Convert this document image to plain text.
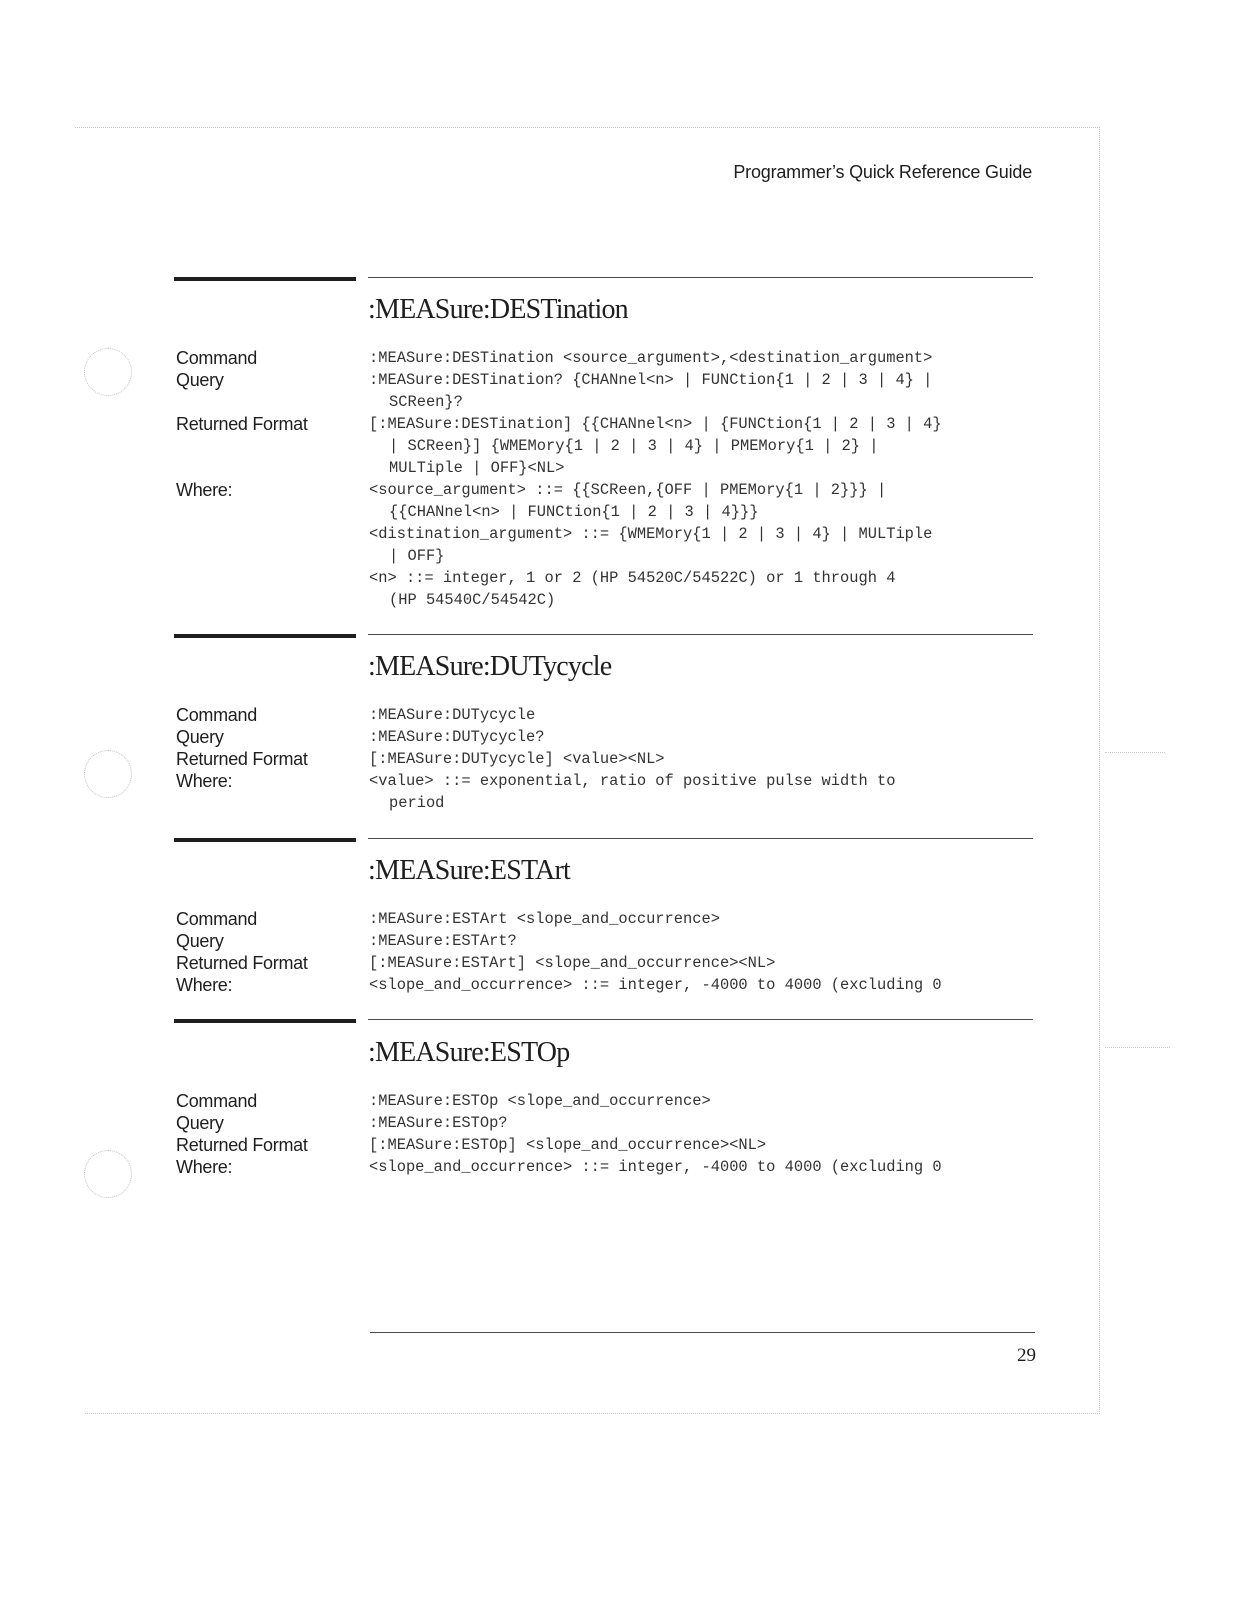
Programmer’s Quick Reference Guide
:MEASure:DESTination
Command
Query
Returned Format
Where:
:MEASure:DESTination <source_argument>,<destination_argument>
:MEASure:DESTination? {CHANnel<n> | FUNCtion{1 | 2 | 3 | 4} |
SCReen}?
[:MEASure:DESTination] {{CHANnel<n> | {FUNCtion{1 | 2 | 3 | 4}
| SCReen}] {WMEMory{1 | 2 | 3 | 4} | PMEMory{1 | 2} |
MULTiple | OFF}<NL>
<source_argument> ::= {{SCReen,{OFF | PMEMory{1 | 2}}} |
{{CHANnel<n> | FUNCtion{1 | 2 | 3 | 4}}}
<distination_argument> ::= {WMEMory{1 | 2 | 3 | 4} | MULTiple
| OFF}
<n> ::= integer, 1 or 2 (HP 54520C/54522C) or 1 through 4
(HP 54540C/54542C)
:MEASure:DUTycycle
Command
Query
Returned Format
Where:
:MEASure:DUTycycle
:MEASure:DUTycycle?
[:MEASure:DUTycycle] <value><NL>
<value> ::= exponential, ratio of positive pulse width to
period
:MEASure:ESTArt
Command
Query
Returned Format
Where:
:MEASure:ESTArt <slope_and_occurrence>
:MEASure:ESTArt?
[:MEASure:ESTArt] <slope_and_occurrence><NL>
<slope_and_occurrence> ::= integer, -4000 to 4000 (excluding 0
:MEASure:ESTOp
Command
Query
Returned Format
Where:
:MEASure:ESTOp <slope_and_occurrence>
:MEASure:ESTOp?
[:MEASure:ESTOp] <slope_and_occurrence><NL>
<slope_and_occurrence> ::= integer, -4000 to 4000 (excluding 0
29
